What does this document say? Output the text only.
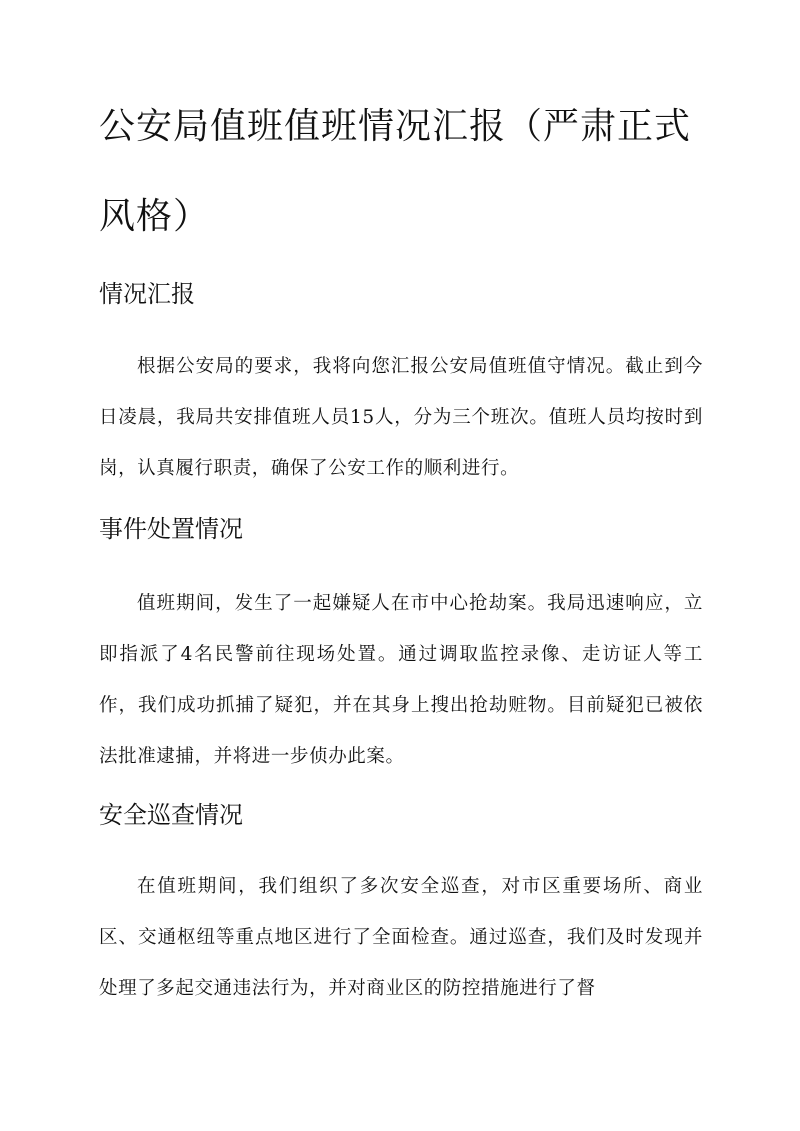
公安局值班值班情况汇报（严肃正式风格）
情况汇报

根据公安局的要求，我将向您汇报公安局值班值守情况。截止到今日凌晨，我局共安排值班人员15人，分为三个班次。值班人员均按时到岗，认真履行职责，确保了公安工作的顺利进行。

事件处置情况

值班期间，发生了一起嫌疑人在市中心抢劫案。我局迅速响应，立即指派了4名民警前往现场处置。通过调取监控录像、走访证人等工作，我们成功抓捕了疑犯，并在其身上搜出抢劫赃物。目前疑犯已被依法批准逮捕，并将进一步侦办此案。

安全巡查情况

在值班期间，我们组织了多次安全巡查，对市区重要场所、商业区、交通枢纽等重点地区进行了全面检查。通过巡查，我们及时发现并处理了多起交通违法行为，并对商业区的防控措施进行了督
